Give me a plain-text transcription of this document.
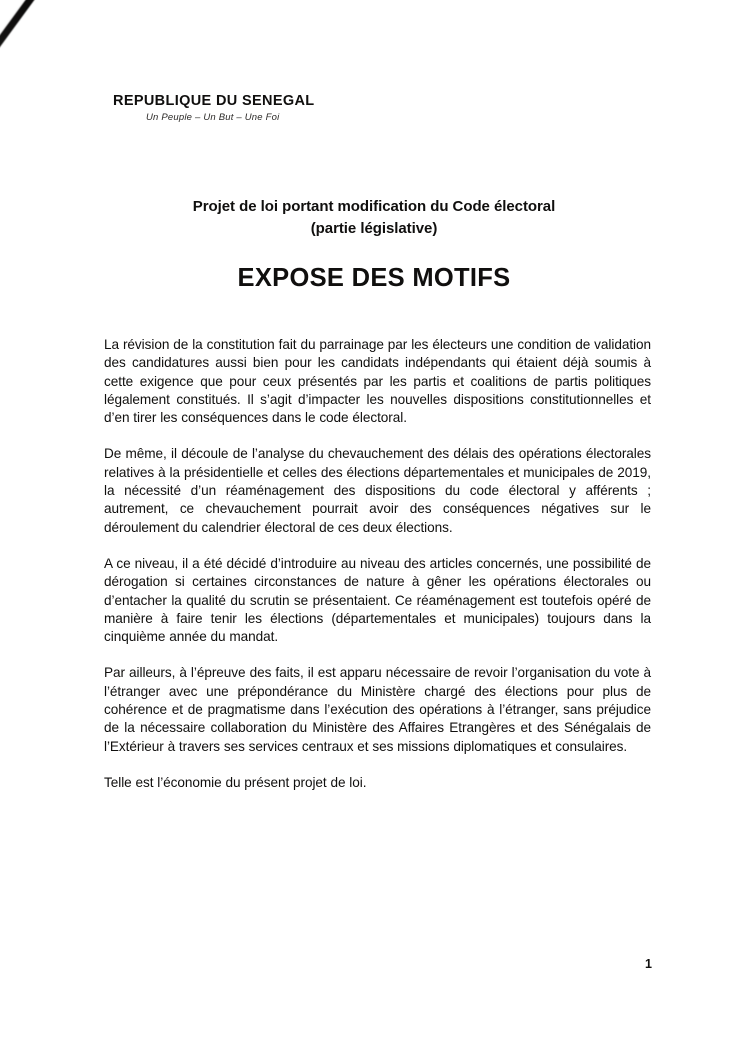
REPUBLIQUE DU SENEGAL
Un Peuple – Un But – Une Foi
Projet de loi portant modification du Code électoral
(partie législative)
EXPOSE DES MOTIFS

La révision de la constitution fait du parrainage par les électeurs une condition de validation des candidatures aussi bien pour les candidats indépendants qui étaient déjà soumis à cette exigence que pour ceux présentés par les partis et coalitions de partis politiques légalement constitués. Il s’agit d’impacter les nouvelles dispositions constitutionnelles et d’en tirer les conséquences dans le code électoral.

De même, il découle de l’analyse du chevauchement des délais des opérations électorales relatives à la présidentielle et celles des élections départementales et municipales de 2019, la nécessité d’un réaménagement des dispositions du code électoral y afférents ; autrement, ce chevauchement pourrait avoir des conséquences négatives sur le déroulement du calendrier électoral de ces deux élections.

A ce niveau, il a été décidé d’introduire au niveau des articles concernés, une possibilité de dérogation si certaines circonstances de nature à gêner les opérations électorales ou d’entacher la qualité du scrutin se présentaient. Ce réaménagement est toutefois opéré de manière à faire tenir les élections (départementales et municipales) toujours dans la cinquième année du mandat.

Par ailleurs, à l’épreuve des faits, il est apparu nécessaire de revoir l’organisation du vote à l’étranger avec une prépondérance du Ministère chargé des élections pour plus de cohérence et de pragmatisme dans l’exécution des opérations à l’étranger, sans préjudice de la nécessaire collaboration du Ministère des Affaires Etrangères et des Sénégalais de l’Extérieur à travers ses services centraux et ses missions diplomatiques et consulaires.

Telle est l’économie du présent projet de loi.

1
